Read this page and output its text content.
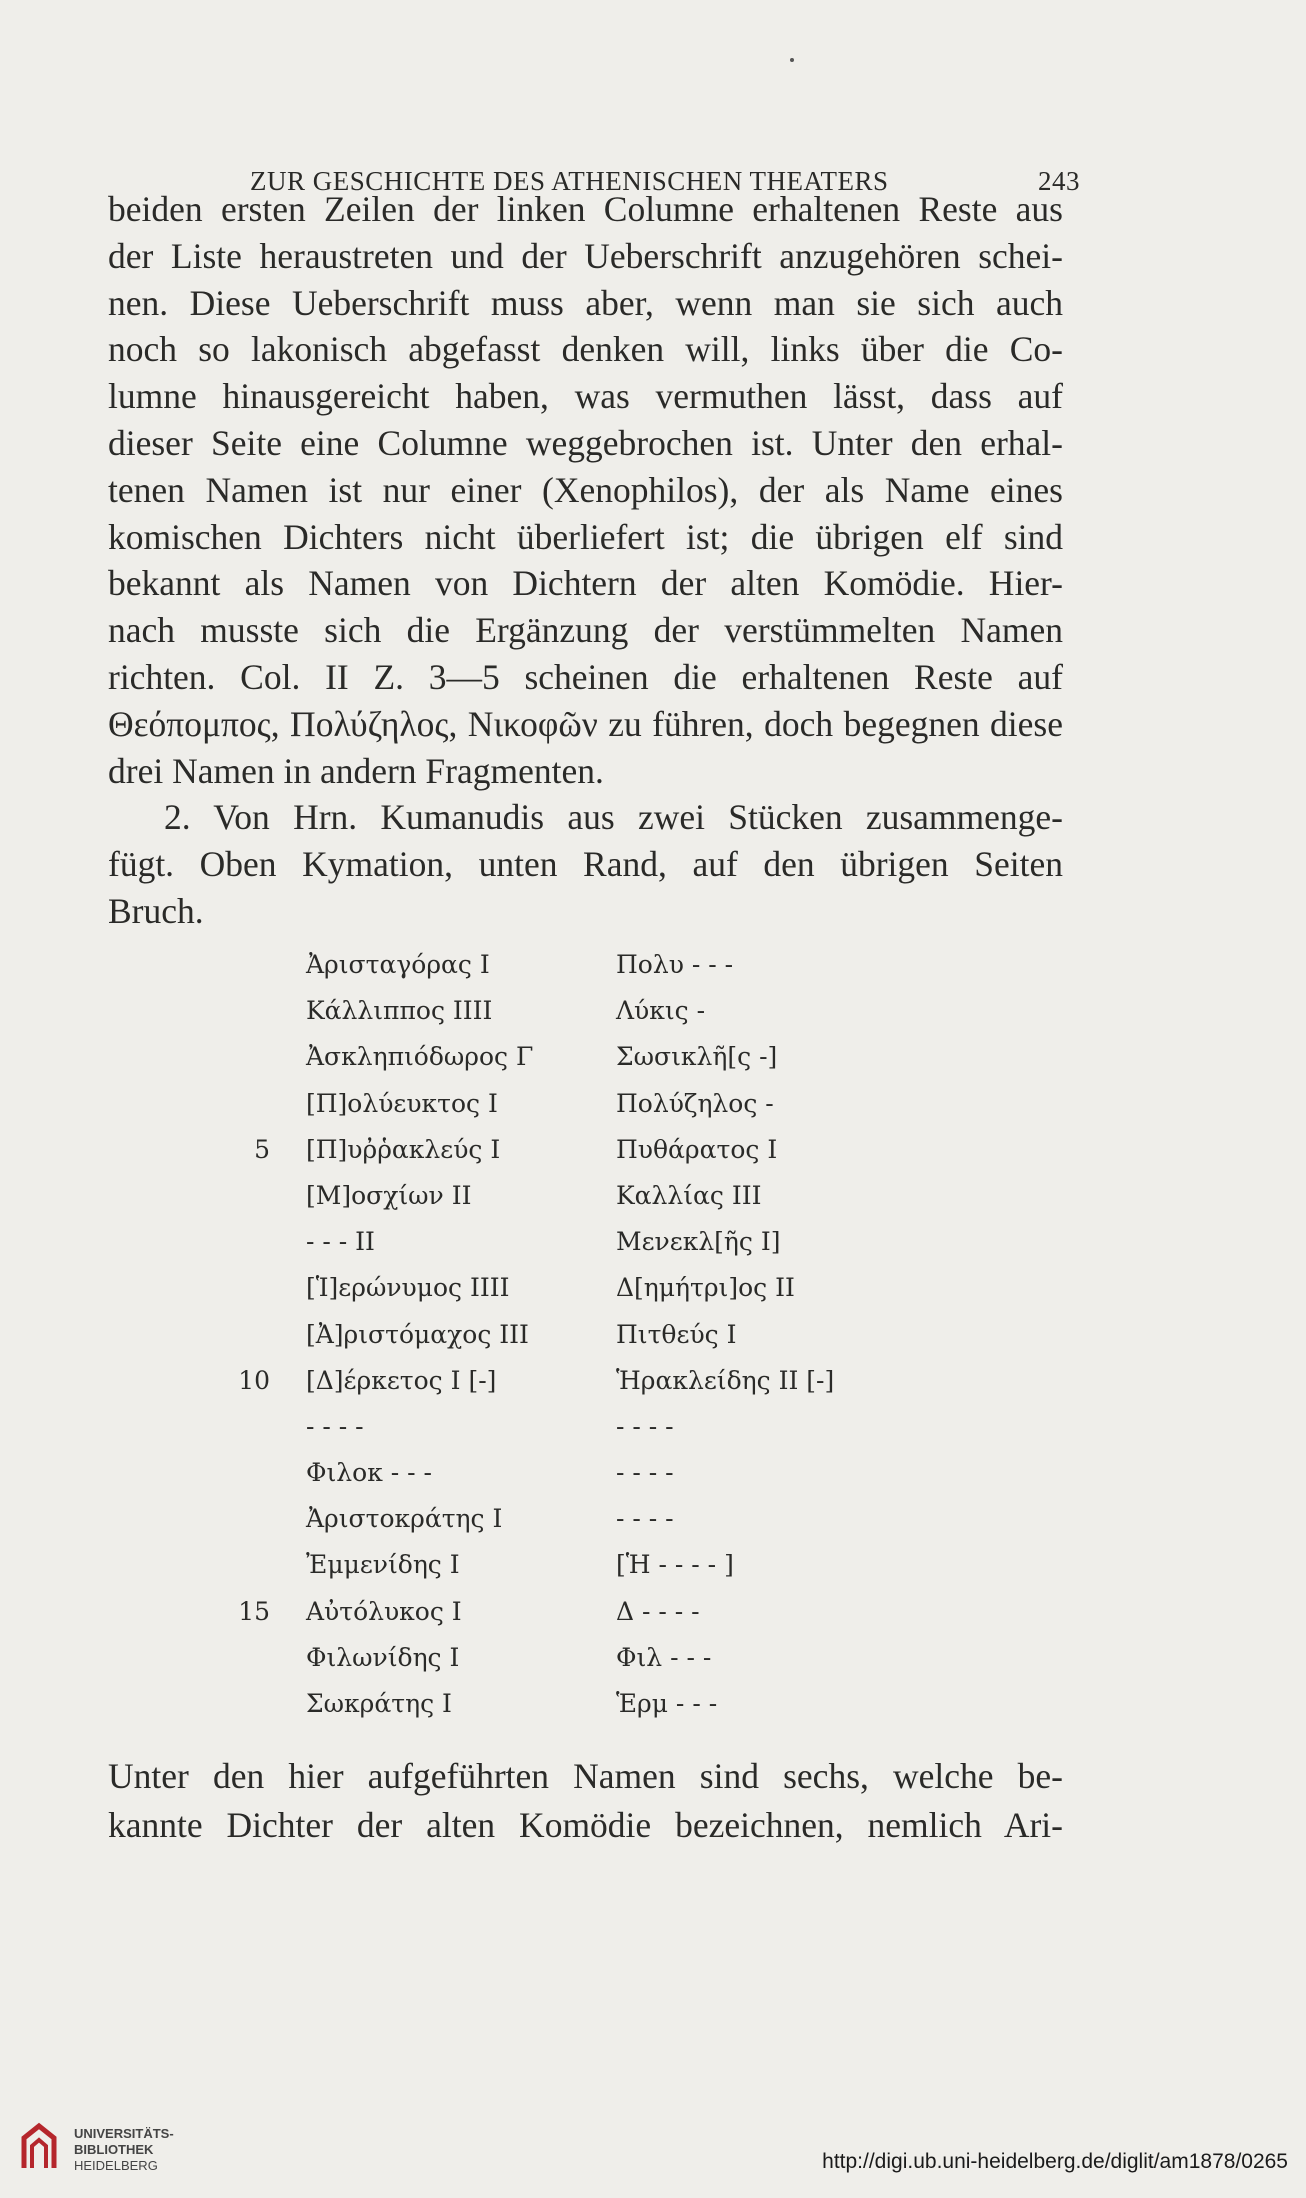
ZUR GESCHICHTE DES ATHENISCHEN THEATERS	243
beiden ersten Zeilen der linken Columne erhaltenen Reste aus
der Liste heraustreten und der Ueberschrift anzugehören schei-
nen. Diese Ueberschrift muss aber, wenn man sie sich auch
noch so lakonisch abgefasst denken will, links über die Co-
lumne hinausgereicht haben, was vermuthen lässt, dass auf
dieser Seite eine Columne weggebrochen ist. Unter den erhal-
tenen Namen ist nur einer (Xenophilos), der als Name eines
komischen Dichters nicht überliefert ist; die übrigen elf sind
bekannt als Namen von Dichtern der alten Komödie. Hier-
nach musste sich die Ergänzung der verstümmelten Namen
richten. Col. II Z. 3—5 scheinen die erhaltenen Reste auf
Θεόπομπος, Πολύζηλος, Νικοφῶν zu führen, doch begegnen diese
drei Namen in andern Fragmenten.
2. Von Hrn. Kumanudis aus zwei Stücken zusammenge-
fügt. Oben Kymation, unten Rand, auf den übrigen Seiten
Bruch.
Ἀρισταγόρας I	Πολυ - - -
Κάλλιππος IIII	Λύκις -
Ἀσκληπιόδωρος Γ	Σωσικλῆ[ς -]
[Π]ολύευκτος I	Πολύζηλος -
5 [Π]υῤῥακλεύς I	Πυθάρατος I
[Μ]οσχίων II	Καλλίας III
- - - II	Μενεκλ[ῆς I]
[Ἱ]ερώνυμος IIII	Δ[ημήτρι]ος II
[Ἀ]ριστόμαχος III	Πιτθεύς I
10 [Δ]έρκετος I [-]	Ἡρακλείδης II [-]
- - - -	- - - -
Φιλοκ - - -	- - - -
Ἀριστοκράτης I	- - - -
Ἐμμενίδης I	[Ἡ - - - - ]
15 Αὐτόλυκος I	Δ - - - -
Φιλωνίδης I	Φιλ - - -
Σωκράτης I	Ἑρμ - - -
Unter den hier aufgeführten Namen sind sechs, welche be-
kannte Dichter der alten Komödie bezeichnen, nemlich Ari-
UNIVERSITÄTS-
BIBLIOTHEK
HEIDELBERG	http://digi.ub.uni-heidelberg.de/diglit/am1878/0265
